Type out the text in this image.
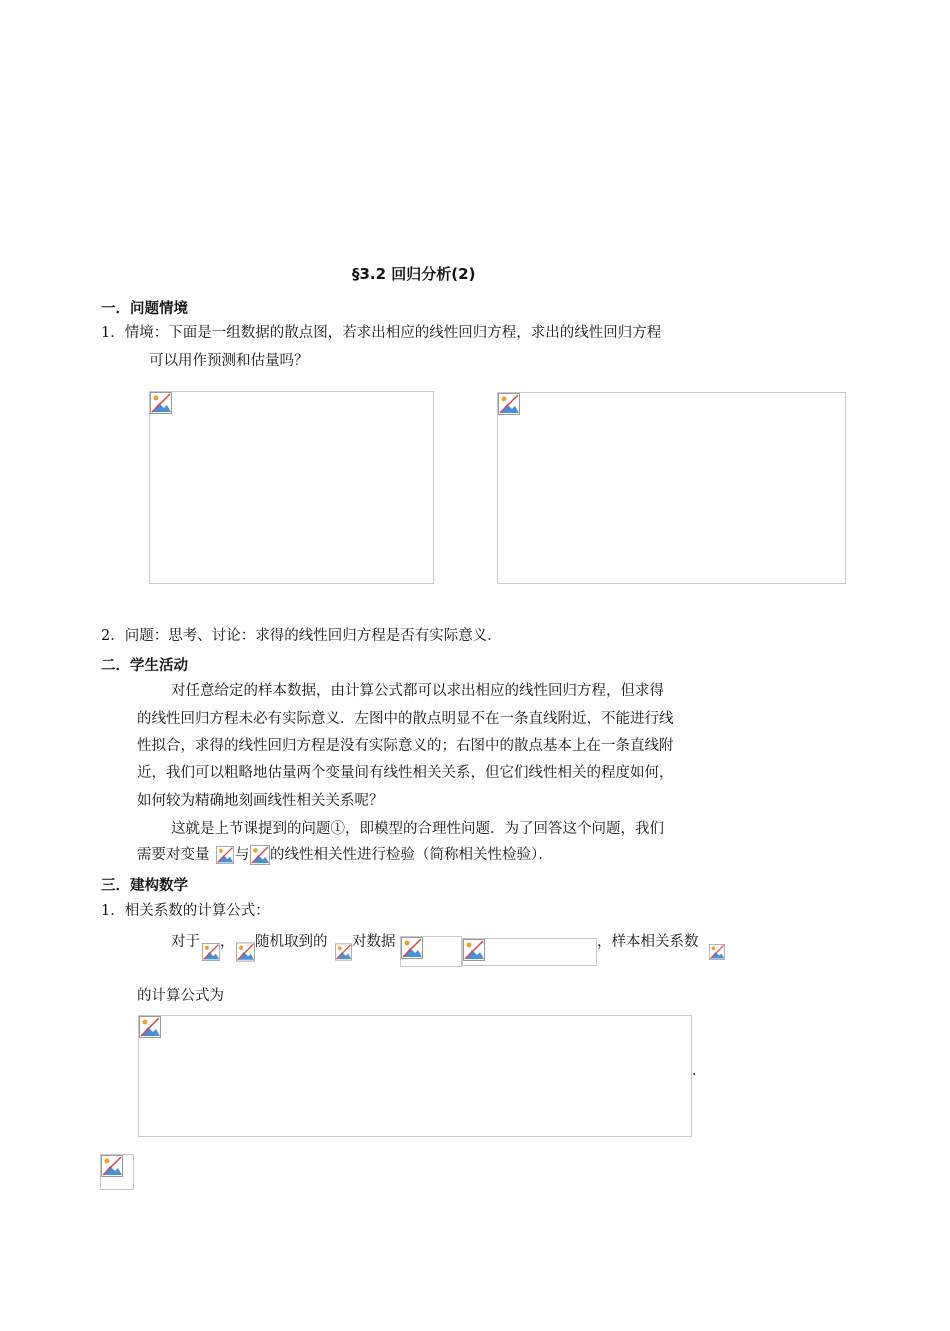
§3.2 回归分析(2)
一．问题情境
1．情境：下面是一组数据的散点图，若求出相应的线性回归方程，求出的线性回归方程
可以用作预测和估量吗？
2．问题：思考、讨论：求得的线性回归方程是否有实际意义．
二．学生活动
对任意给定的样本数据，由计算公式都可以求出相应的线性回归方程，但求得
的线性回归方程未必有实际意义．左图中的散点明显不在一条直线附近，不能进行线
性拟合，求得的线性回归方程是没有实际意义的；右图中的散点基本上在一条直线附
近，我们可以粗略地估量两个变量间有线性相关关系，但它们线性相关的程度如何，
如何较为精确地刻画线性相关关系呢？
这就是上节课提到的问题①，即模型的合理性问题．为了回答这个问题，我们
需要对变量 与 的线性相关性进行检验（简称相关性检验）．
三．建构数学
1．相关系数的计算公式：
对于 ， 随机取到的 对数据	，样本相关系数
的计算公式为
．
